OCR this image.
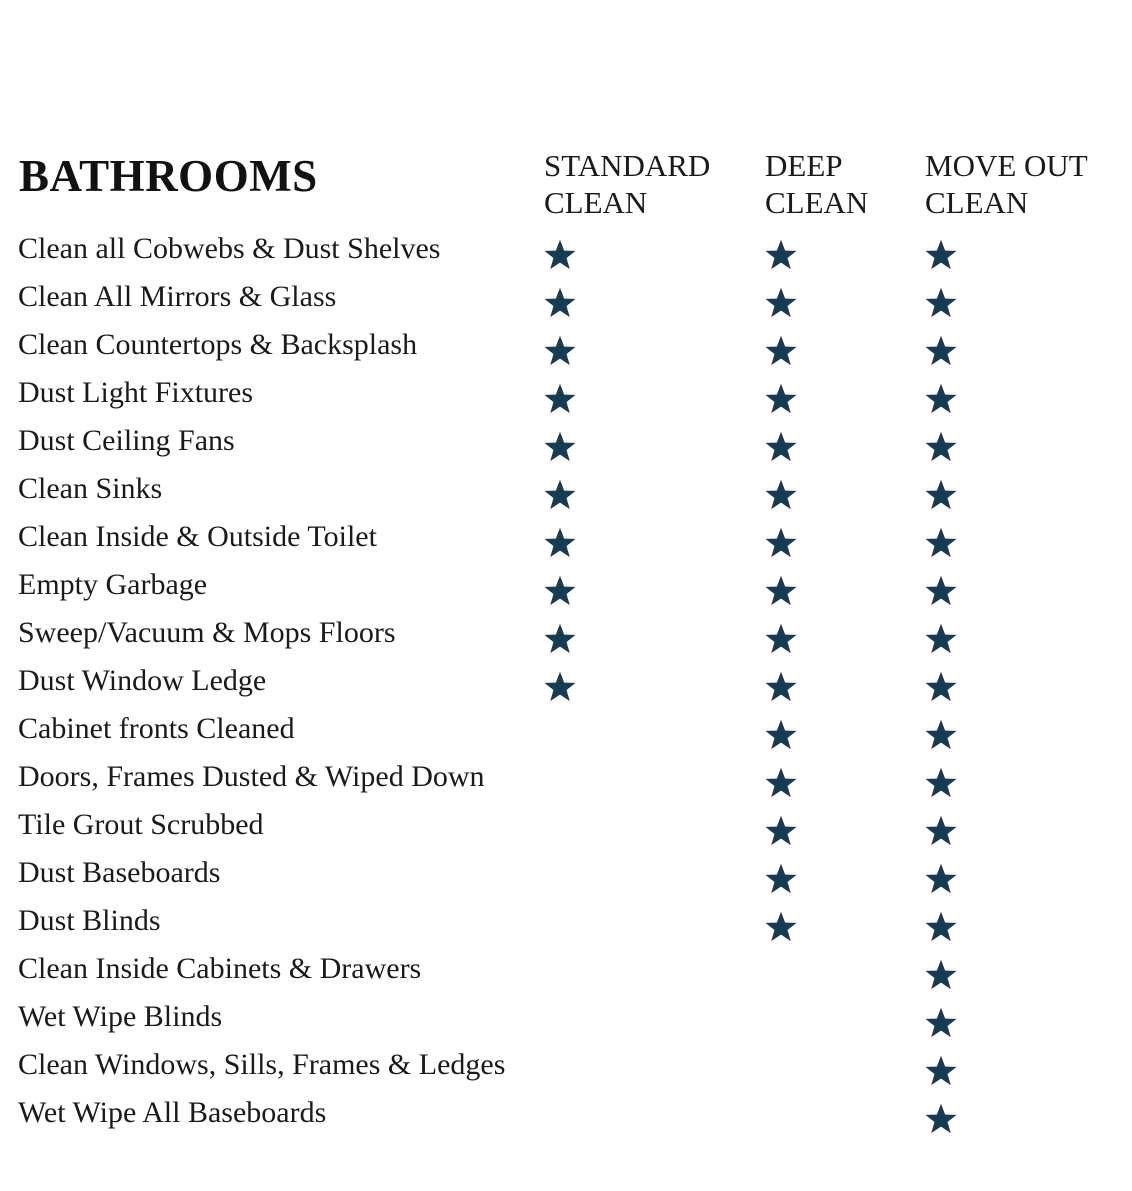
BATHROOMS	STANDARD
CLEAN
DEEP
CLEAN
MOVE OUT
CLEAN
Clean all Cobwebs & Dust Shelves
Clean All Mirrors & Glass
Clean Countertops & Backsplash
Dust Light Fixtures
Dust Ceiling Fans
Clean Sinks
Clean Inside & Outside Toilet
Empty Garbage
Sweep/Vacuum & Mops Floors
Dust Window Ledge
Cabinet fronts Cleaned
Doors, Frames Dusted & Wiped Down
Tile Grout Scrubbed
Dust Baseboards
Dust Blinds
Clean Inside Cabinets & Drawers
Wet Wipe Blinds
Clean Windows, Sills, Frames & Ledges
Wet Wipe All Baseboards
